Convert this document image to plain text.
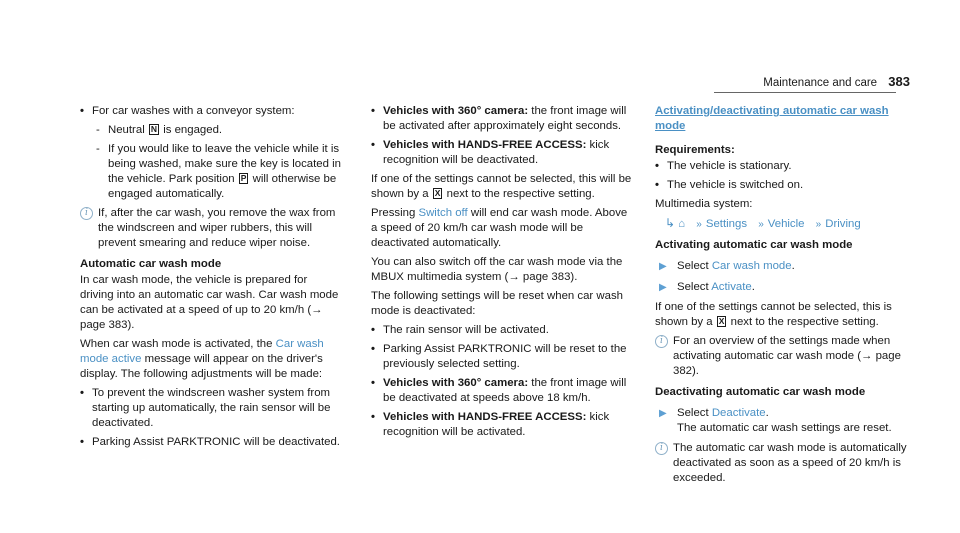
Maintenance and care 383
• For car washes with a conveyor system:
- Neutral N is engaged.
- If you would like to leave the vehicle while it is being washed, make sure the key is located in the vehicle. Park position P will otherwise be engaged automatically.
i If, after the car wash, you remove the wax from the windscreen and wiper rubbers, this will prevent smearing and reduce wiper noise.
Automatic car wash mode
In car wash mode, the vehicle is prepared for driving into an automatic car wash. Car wash mode can be activated at a speed of up to 20 km/h (→ page 383).
When car wash mode is activated, the Car wash mode active message will appear on the driver's display. The following adjustments will be made:
• To prevent the windscreen washer system from starting up automatically, the rain sensor will be deactivated.
• Parking Assist PARKTRONIC will be deactivated.
• Vehicles with 360° camera: the front image will be activated after approximately eight seconds.
• Vehicles with HANDS-FREE ACCESS: kick recognition will be deactivated.
If one of the settings cannot be selected, this will be shown by a X next to the respective setting.
Pressing Switch off will end car wash mode. Above a speed of 20 km/h car wash mode will be deactivated automatically.
You can also switch off the car wash mode via the MBUX multimedia system (→ page 383).
The following settings will be reset when car wash mode is deactivated:
• The rain sensor will be activated.
• Parking Assist PARKTRONIC will be reset to the previously selected setting.
• Vehicles with 360° camera: the front image will be deactivated at speeds above 18 km/h.
• Vehicles with HANDS-FREE ACCESS: kick recognition will be activated.
Activating/deactivating automatic car wash mode
Requirements:
• The vehicle is stationary.
• The vehicle is switched on.
Multimedia system:
↳ ⌂ » Settings » Vehicle » Driving
Activating automatic car wash mode
▶ Select Car wash mode.
▶ Select Activate.
If one of the settings cannot be selected, this is shown by a X next to the respective setting.
i For an overview of the settings made when activating automatic car wash mode (→ page 382).
Deactivating automatic car wash mode
▶ Select Deactivate.
The automatic car wash settings are reset.
i The automatic car wash mode is automatically deactivated as soon as a speed of 20 km/h is exceeded.
